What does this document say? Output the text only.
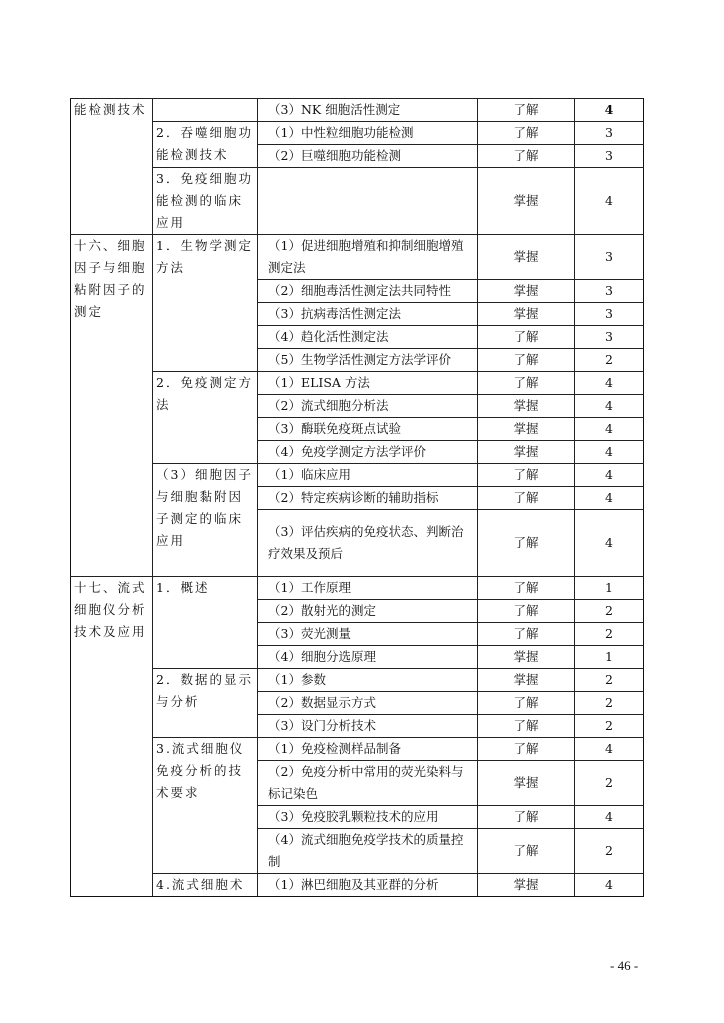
能检测技术		（3）NK 细胞活性测定	了解	4
	2．吞噬细胞功能检测技术	（1）中性粒细胞功能检测	了解	3
		（2）巨噬细胞功能检测	了解	3
	3．免疫细胞功能检测的临床应用		掌握	4
十六、细胞因子与细胞粘附因子的测定	1．生物学测定方法	（1）促进细胞增殖和抑制细胞增殖测定法	掌握	3
		（2）细胞毒活性测定法共同特性	掌握	3
		（3）抗病毒活性测定法	掌握	3
		（4）趋化活性测定法	了解	3
		（5）生物学活性测定方法学评价	了解	2
	2．免疫测定方法	（1）ELISA 方法	了解	4
		（2）流式细胞分析法	掌握	4
		（3）酶联免疫斑点试验	掌握	4
		（4）免疫学测定方法学评价	掌握	4
	（3）细胞因子与细胞黏附因子测定的临床应用	（1）临床应用	了解	4
		（2）特定疾病诊断的辅助指标	了解	4
		（3）评估疾病的免疫状态、判断治疗效果及预后	了解	4
十七、流式细胞仪分析技术及应用	1．概述	（1）工作原理	了解	1
		（2）散射光的测定	了解	2
		（3）荧光测量	了解	2
		（4）细胞分选原理	掌握	1
	2．数据的显示与分析	（1）参数	掌握	2
		（2）数据显示方式	了解	2
		（3）设门分析技术	了解	2
	3.流式细胞仪免疫分析的技术要求	（1）免疫检测样品制备	了解	4
		（2）免疫分析中常用的荧光染料与标记染色	掌握	2
		（3）免疫胶乳颗粒技术的应用	了解	4
		（4）流式细胞免疫学技术的质量控制	了解	2
	4.流式细胞术	（1）淋巴细胞及其亚群的分析	掌握	4
- 46 -
